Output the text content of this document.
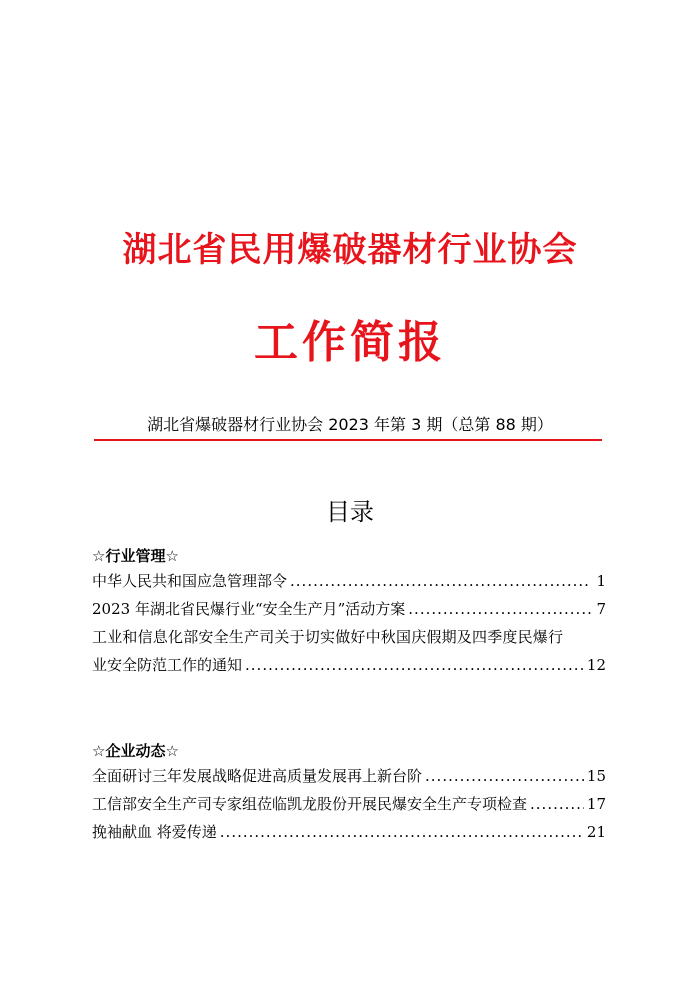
湖北省民用爆破器材行业协会
工作简报
湖北省爆破器材行业协会 2023 年第 3 期（总第 88 期）
目录
☆行业管理☆
中华人民共和国应急管理部令 .....	1
2023 年湖北省民爆行业“安全生产月”活动方案 .....	7
工业和信息化部安全生产司关于切实做好中秋国庆假期及四季度民爆行
业安全防范工作的通知 .....	12
☆企业动态☆
全面研讨三年发展战略促进高质量发展再上新台阶 .....	15
工信部安全生产司专家组莅临凯龙股份开展民爆安全生产专项检查 .....	17
挽袖献血 将爱传递 .....	21
